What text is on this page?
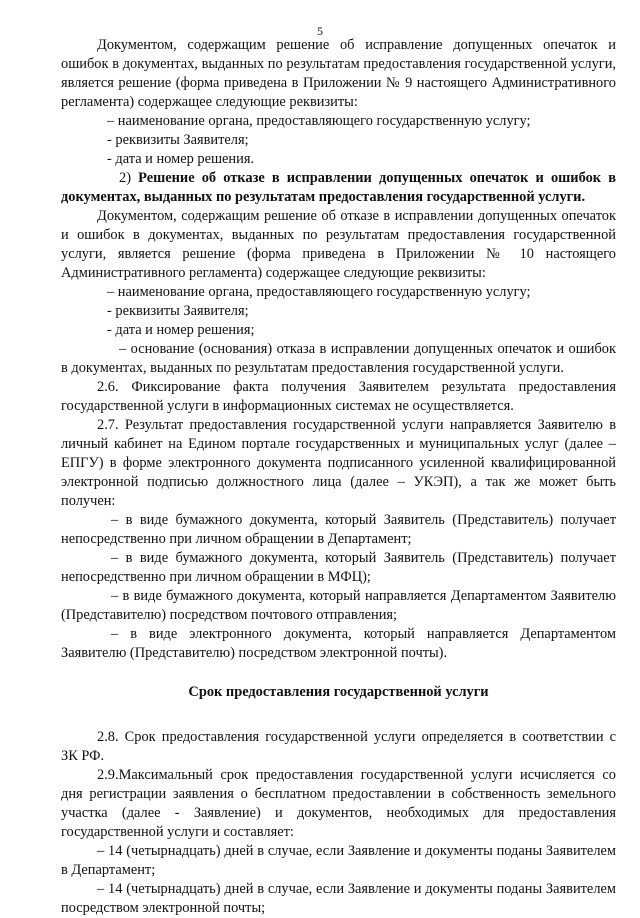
5

Документом, содержащим решение об исправление допущенных опечаток и ошибок в документах, выданных по результатам предоставления государственной услуги, является решение (форма приведена в Приложении № 9 настоящего Административного регламента) содержащее следующие реквизиты:

– наименование органа, предоставляющего государственную услугу;

- реквизиты Заявителя;

- дата и номер решения.

2) Решение об отказе в исправлении допущенных опечаток и ошибок в документах, выданных по результатам предоставления государственной услуги.

Документом, содержащим решение об отказе в исправлении допущенных опечаток и ошибок в документах, выданных по результатам предоставления государственной услуги, является решение (форма приведена в Приложении № 10 настоящего Административного регламента) содержащее следующие реквизиты:

– наименование органа, предоставляющего государственную услугу;

- реквизиты Заявителя;

- дата и номер решения;

– основание (основания) отказа в исправлении допущенных опечаток и ошибок в документах, выданных по результатам предоставления государственной услуги.

2.6. Фиксирование факта получения Заявителем результата предоставления государственной услуги в информационных системах не осуществляется.

2.7. Результат предоставления государственной услуги направляется Заявителю в личный кабинет на Едином портале государственных и муниципальных услуг (далее – ЕПГУ) в форме электронного документа подписанного усиленной квалифицированной электронной подписью должностного лица (далее – УКЭП), а так же может быть получен:

– в виде бумажного документа, который Заявитель (Представитель) получает непосредственно при личном обращении в Департамент;

– в виде бумажного документа, который Заявитель (Представитель) получает непосредственно при личном обращении в МФЦ);

– в виде бумажного документа, который направляется Департаментом Заявителю (Представителю) посредством почтового отправления;

– в виде электронного документа, который направляется Департаментом Заявителю (Представителю) посредством электронной почты).

Срок предоставления государственной услуги

2.8. Срок предоставления государственной услуги определяется в соответствии с ЗК РФ.

2.9.Максимальный срок предоставления государственной услуги исчисляется со дня регистрации заявления о бесплатном предоставлении в собственность земельного участка (далее - Заявление) и документов, необходимых для предоставления государственной услуги и составляет:

– 14 (четырнадцать) дней в случае, если Заявление и документы поданы Заявителем в Департамент;

– 14 (четырнадцать) дней в случае, если Заявление и документы поданы Заявителем посредством электронной почты;
